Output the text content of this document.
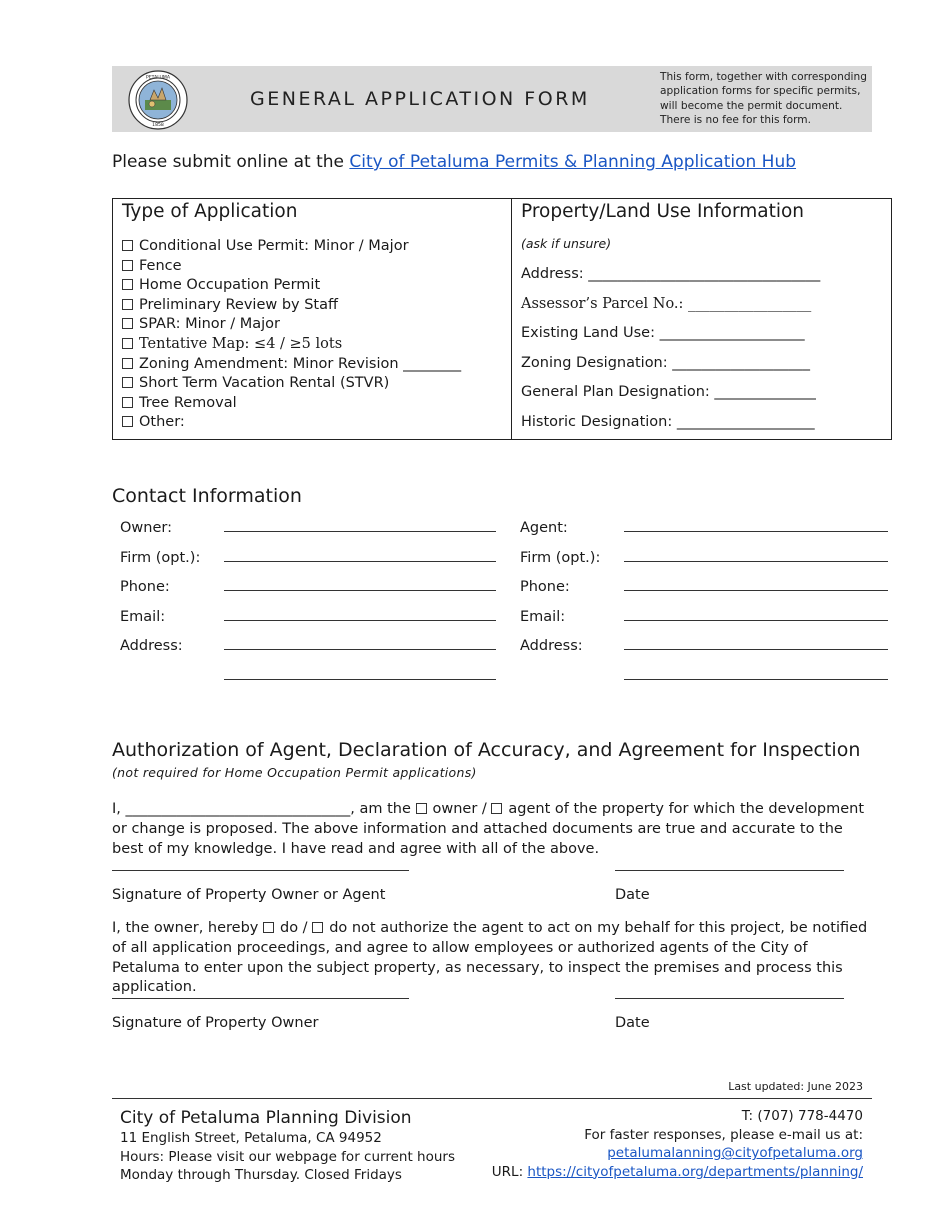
PETALUMA
1858
GENERAL APPLICATION FORM
This form, together with corresponding
application forms for specific permits,
will become the permit document.
There is no fee for this form.
Please submit online at the City of Petaluma Permits & Planning Application Hub
Type of Application
Conditional Use Permit: Minor / Major
Fence
Home Occupation Permit
Preliminary Review by Staff
SPAR: Minor / Major
Tentative Map: ≤4 / ≥5 lots
Zoning Amendment: Minor Revision ________
Short Term Vacation Rental (STVR)
Tree Removal
Other:
Property/Land Use Information
(ask if unsure)
Address: ________________________________
Assessor’s Parcel No.: _________________
Existing Land Use: ____________________
Zoning Designation: ___________________
General Plan Designation: ______________
Historic Designation: ___________________
Contact Information
Owner:
Firm (opt.):
Phone:
Email:
Address:
Agent:
Firm (opt.):
Phone:
Email:
Address:
Authorization of Agent, Declaration of Accuracy, and Agreement for Inspection
(not required for Home Occupation Permit applications)
I, _______________________________, am the owner / agent of the property for which the development or change is proposed. The above information and attached documents are true and accurate to the best of my knowledge. I have read and agree with all of the above.
Signature of Property Owner or Agent	Date
I, the owner, hereby do / do not authorize the agent to act on my behalf for this project, be notified of all application proceedings, and agree to allow employees or authorized agents of the City of Petaluma to enter upon the subject property, as necessary, to inspect the premises and process this application.
Signature of Property Owner	Date
Last updated: June 2023
City of Petaluma Planning Division
11 English Street, Petaluma, CA 94952
Hours: Please visit our webpage for current hours
Monday through Thursday. Closed Fridays
T: (707) 778-4470
For faster responses, please e-mail us at:
petalumalanning@cityofpetaluma.org
URL: https://cityofpetaluma.org/departments/planning/
